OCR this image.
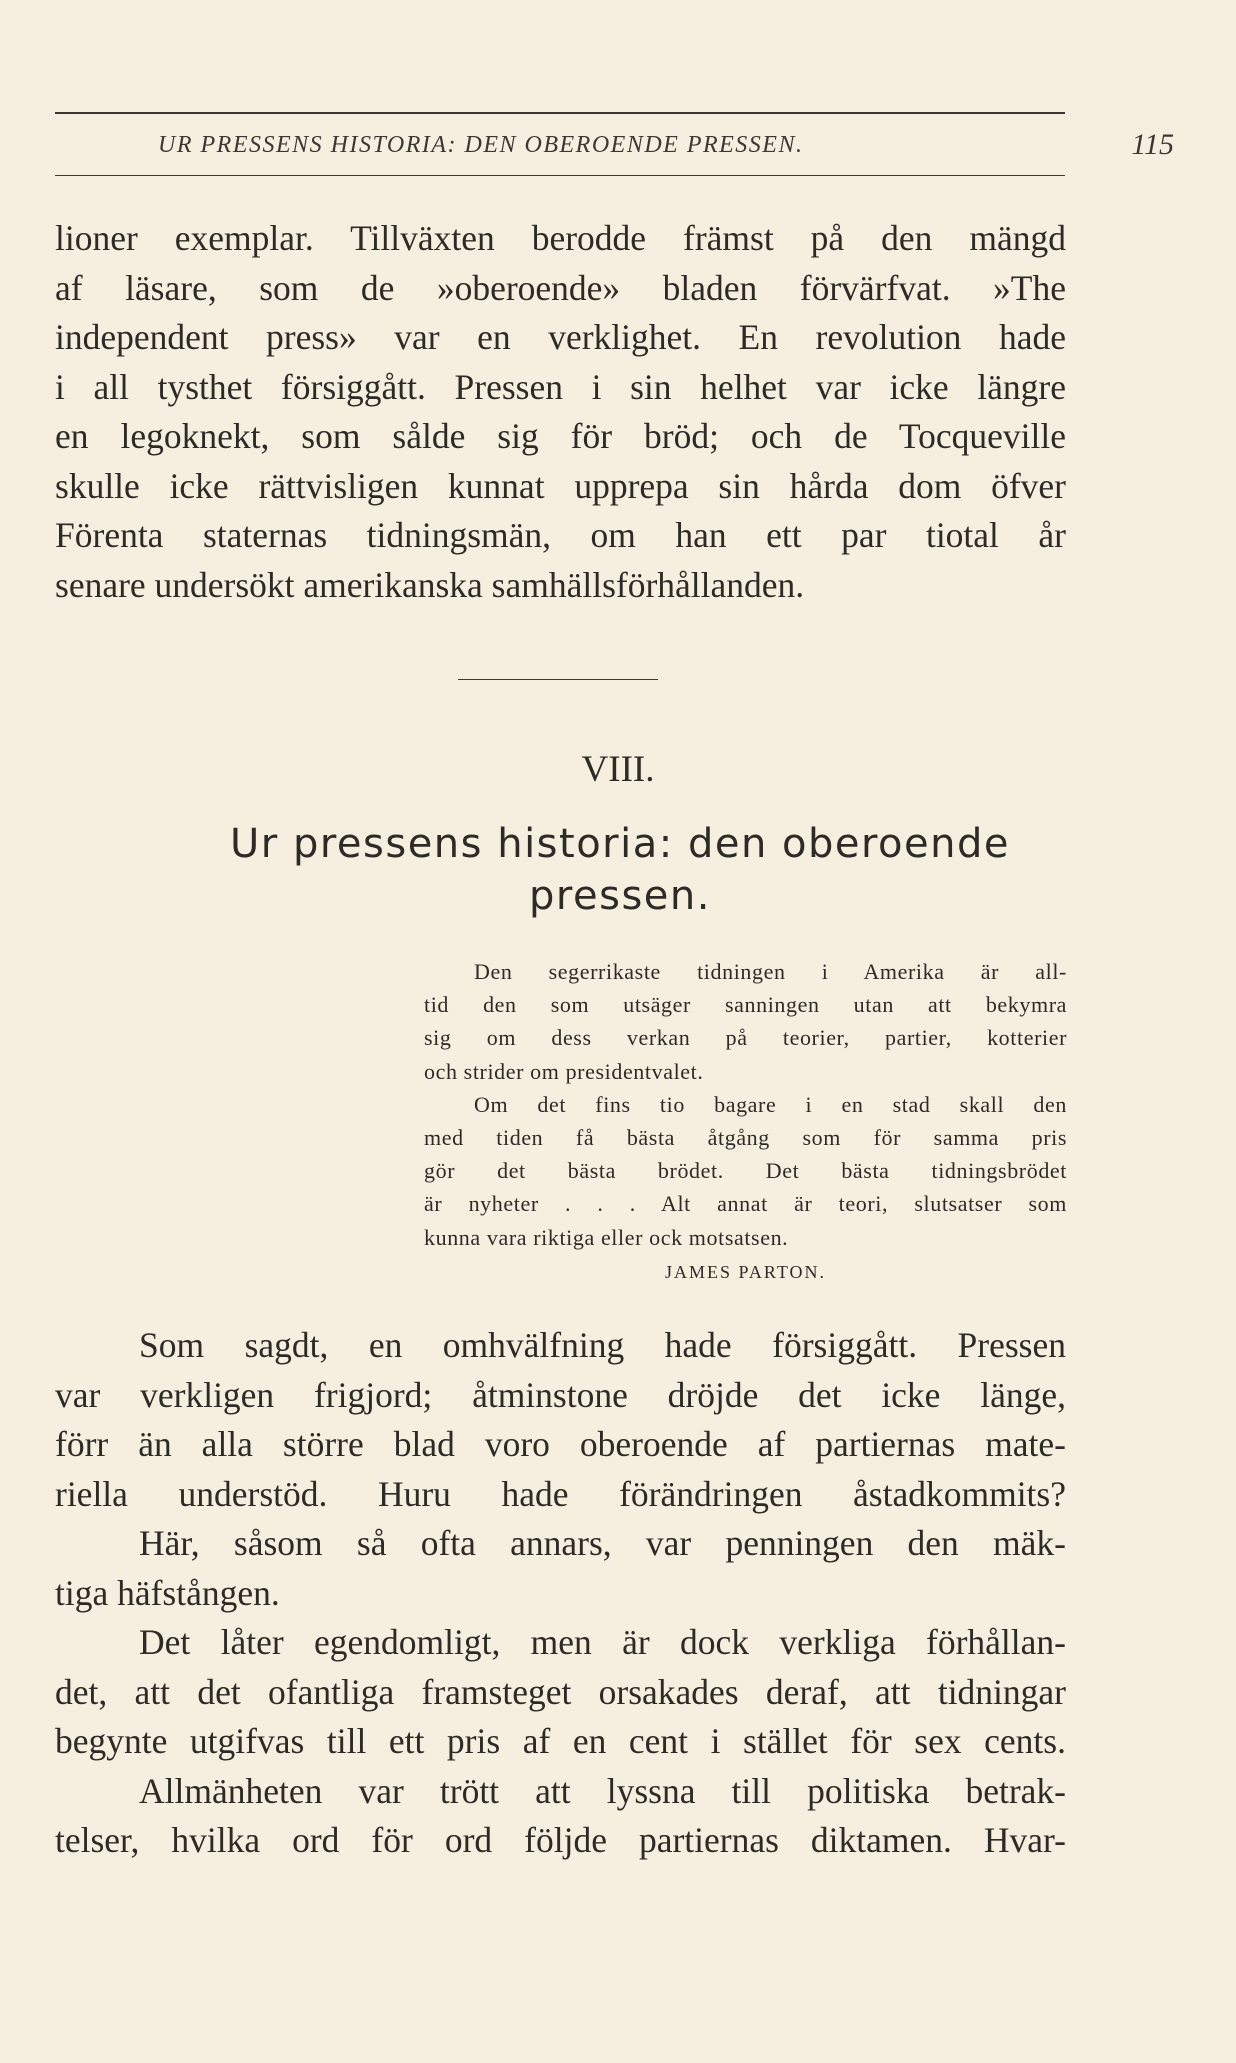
UR PRESSENS HISTORIA: DEN OBEROENDE PRESSEN.	115
lioner exemplar. Tillväxten berodde främst på den mängd
af läsare, som de »oberoende» bladen förvärfvat. »The
independent press» var en verklighet. En revolution hade
i all tysthet försiggått. Pressen i sin helhet var icke längre
en legoknekt, som sålde sig för bröd; och de Tocqueville
skulle icke rättvisligen kunnat upprepa sin hårda dom öfver
Förenta staternas tidningsmän, om han ett par tiotal år
senare undersökt amerikanska samhällsförhållanden.
VIII.
Ur pressens historia: den oberoende
pressen.
Den segerrikaste tidningen i Amerika är all-
tid den som utsäger sanningen utan att bekymra
sig om dess verkan på teorier, partier, kotterier
och strider om presidentvalet.
Om det fins tio bagare i en stad skall den
med tiden få bästa åtgång som för samma pris
gör det bästa brödet. Det bästa tidningsbrödet
är nyheter . . . Alt annat är teori, slutsatser som
kunna vara riktiga eller ock motsatsen.
JAMES PARTON.
Som sagdt, en omhvälfning hade försiggått. Pressen
var verkligen frigjord; åtminstone dröjde det icke länge,
förr än alla större blad voro oberoende af partiernas mate-
riella understöd. Huru hade förändringen åstadkommits?
Här, såsom så ofta annars, var penningen den mäk-
tiga häfstången.
Det låter egendomligt, men är dock verkliga förhållan-
det, att det ofantliga framsteget orsakades deraf, att tidningar
begynte utgifvas till ett pris af en cent i stället för sex cents.
Allmänheten var trött att lyssna till politiska betrak-
telser, hvilka ord för ord följde partiernas diktamen. Hvar-
